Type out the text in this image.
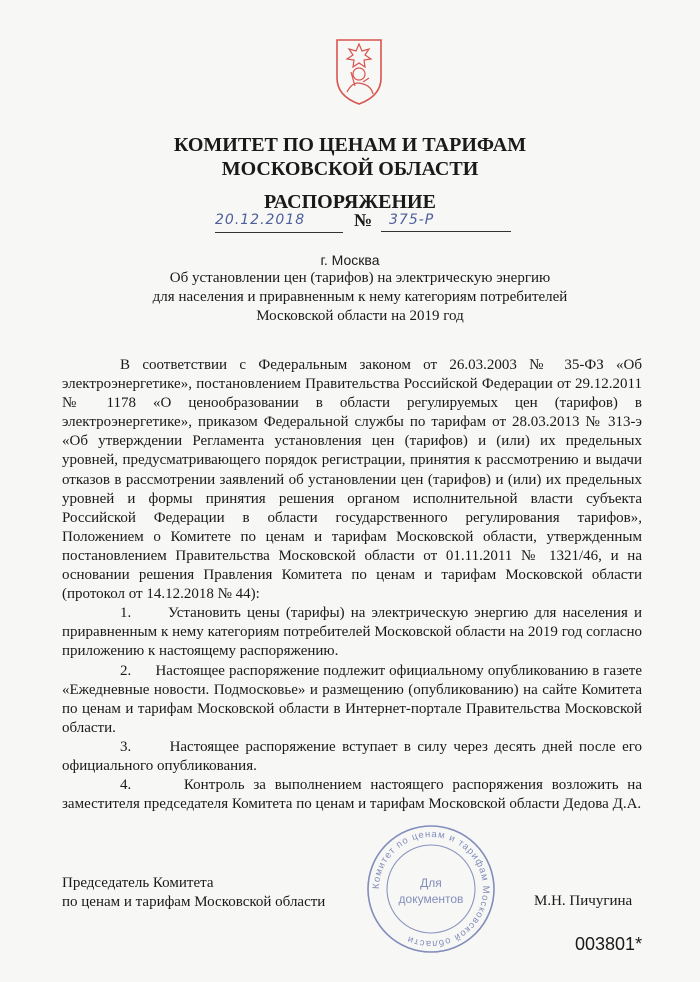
КОМИТЕТ ПО ЦЕНАМ И ТАРИФАМ
МОСКОВСКОЙ ОБЛАСТИ
РАСПОРЯЖЕНИЕ
20.12.2018	№	375-Р
г. Москва
Об установлении цен (тарифов) на электрическую энергию
для населения и приравненным к нему категориям потребителей
Московской области на 2019 год

В соответствии с Федеральным законом от 26.03.2003 № 35-ФЗ «Об электроэнергетике», постановлением Правительства Российской Федерации от 29.12.2011 № 1178 «О ценообразовании в области регулируемых цен (тарифов) в электроэнергетике», приказом Федеральной службы по тарифам от 28.03.2013 № 313-э «Об утверждении Регламента установления цен (тарифов) и (или) их предельных уровней, предусматривающего порядок регистрации, принятия к рассмотрению и выдачи отказов в рассмотрении заявлений об установлении цен (тарифов) и (или) их предельных уровней и формы принятия решения органом исполнительной власти субъекта Российской Федерации в области государственного регулирования тарифов», Положением о Комитете по ценам и тарифам Московской области, утвержденным постановлением Правительства Московской области от 01.11.2011 № 1321/46, и на основании решения Правления Комитета по ценам и тарифам Московской области (протокол от 14.12.2018 № 44):

1. Установить цены (тарифы) на электрическую энергию для населения и приравненным к нему категориям потребителей Московской области на 2019 год согласно приложению к настоящему распоряжению.

2. Настоящее распоряжение подлежит официальному опубликованию в газете «Ежедневные новости. Подмосковье» и размещению (опубликованию) на сайте Комитета по ценам и тарифам Московской области в Интернет-портале Правительства Московской области.

3.	Настоящее распоряжение вступает в силу через десять дней после его официального опубликования.

4.	Контроль за выполнением настоящего распоряжения возложить на заместителя председателя Комитета по ценам и тарифам Московской области Дедова Д.А.

Комитет по ценам и тарифам Московской области
Для
документов
Председатель Комитета
по ценам и тарифам Московской области	М.Н. Пичугина
003801*
